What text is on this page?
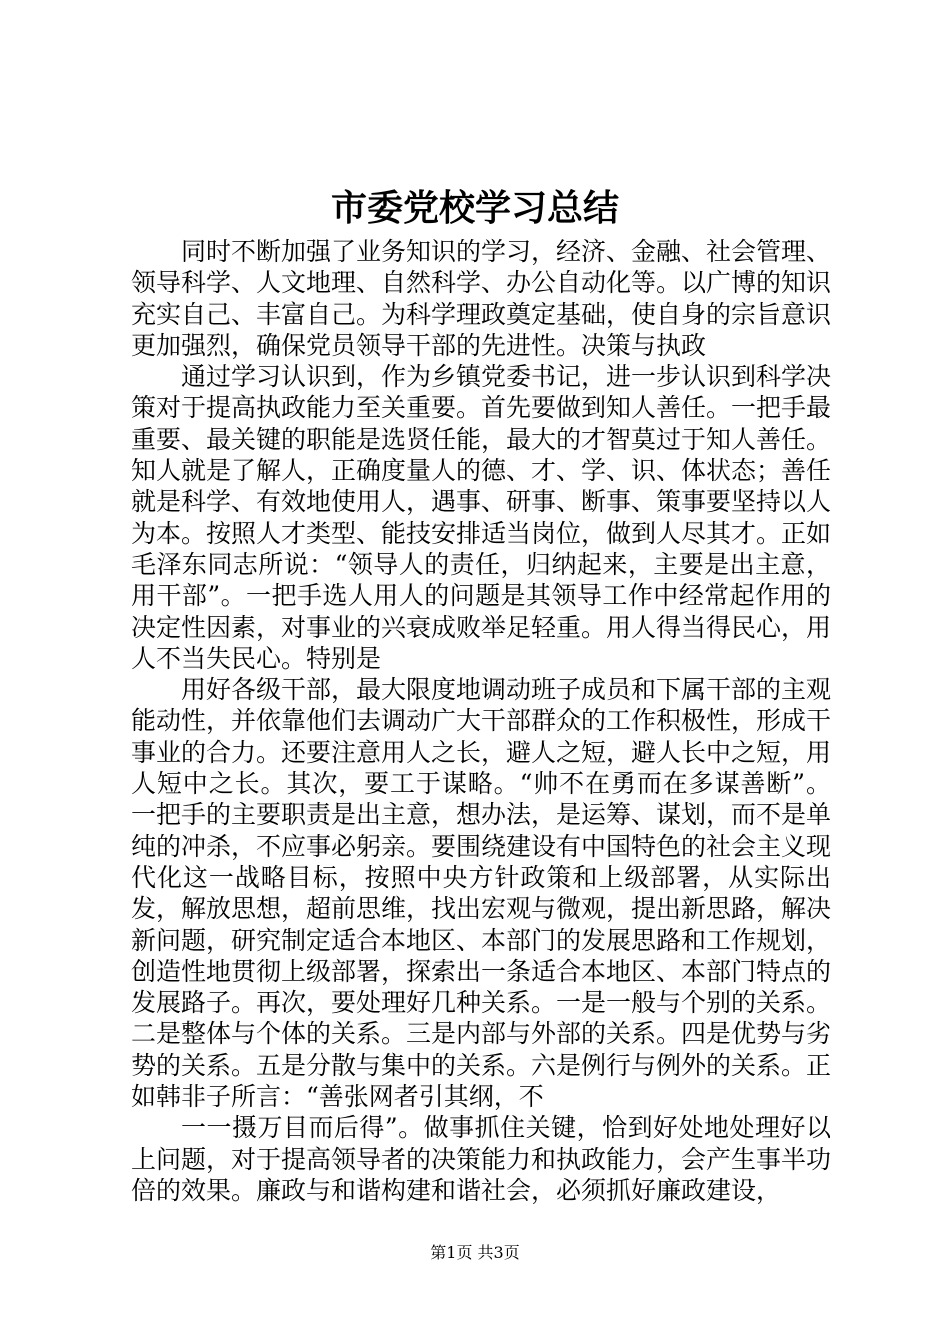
市委党校学习总结

同时不断加强了业务知识的学习，经济、金融、社会管理、领导科学、人文地理、自然科学、办公自动化等。以广博的知识充实自己、丰富自己。为科学理政奠定基础，使自身的宗旨意识更加强烈，确保党员领导干部的先进性。决策与执政

通过学习认识到，作为乡镇党委书记，进一步认识到科学决策对于提高执政能力至关重要。首先要做到知人善任。一把手最重要、最关键的职能是选贤任能，最大的才智莫过于知人善任。知人就是了解人，正确度量人的德、才、学、识、体状态；善任就是科学、有效地使用人，遇事、研事、断事、策事要坚持以人为本。按照人才类型、能技安排适当岗位，做到人尽其才。正如毛泽东同志所说：“领导人的责任，归纳起来，主要是出主意，用干部”。一把手选人用人的问题是其领导工作中经常起作用的决定性因素，对事业的兴衰成败举足轻重。用人得当得民心，用人不当失民心。特别是

用好各级干部，最大限度地调动班子成员和下属干部的主观能动性，并依靠他们去调动广大干部群众的工作积极性，形成干事业的合力。还要注意用人之长，避人之短，避人长中之短，用人短中之长。其次，要工于谋略。“帅不在勇而在多谋善断”。一把手的主要职责是出主意，想办法，是运筹、谋划，而不是单纯的冲杀，不应事必躬亲。要围绕建设有中国特色的社会主义现代化这一战略目标，按照中央方针政策和上级部署，从实际出发，解放思想，超前思维，找出宏观与微观，提出新思路，解决新问题，研究制定适合本地区、本部门的发展思路和工作规划，创造性地贯彻上级部署，探索出一条适合本地区、本部门特点的发展路子。再次，要处理好几种关系。一是一般与个别的关系。二是整体与个体的关系。三是内部与外部的关系。四是优势与劣势的关系。五是分散与集中的关系。六是例行与例外的关系。正如韩非子所言：“善张网者引其纲，不

一一摄万目而后得”。做事抓住关键，恰到好处地处理好以上问题，对于提高领导者的决策能力和执政能力，会产生事半功倍的效果。廉政与和谐构建和谐社会，必须抓好廉政建设，

第1页 共3页
